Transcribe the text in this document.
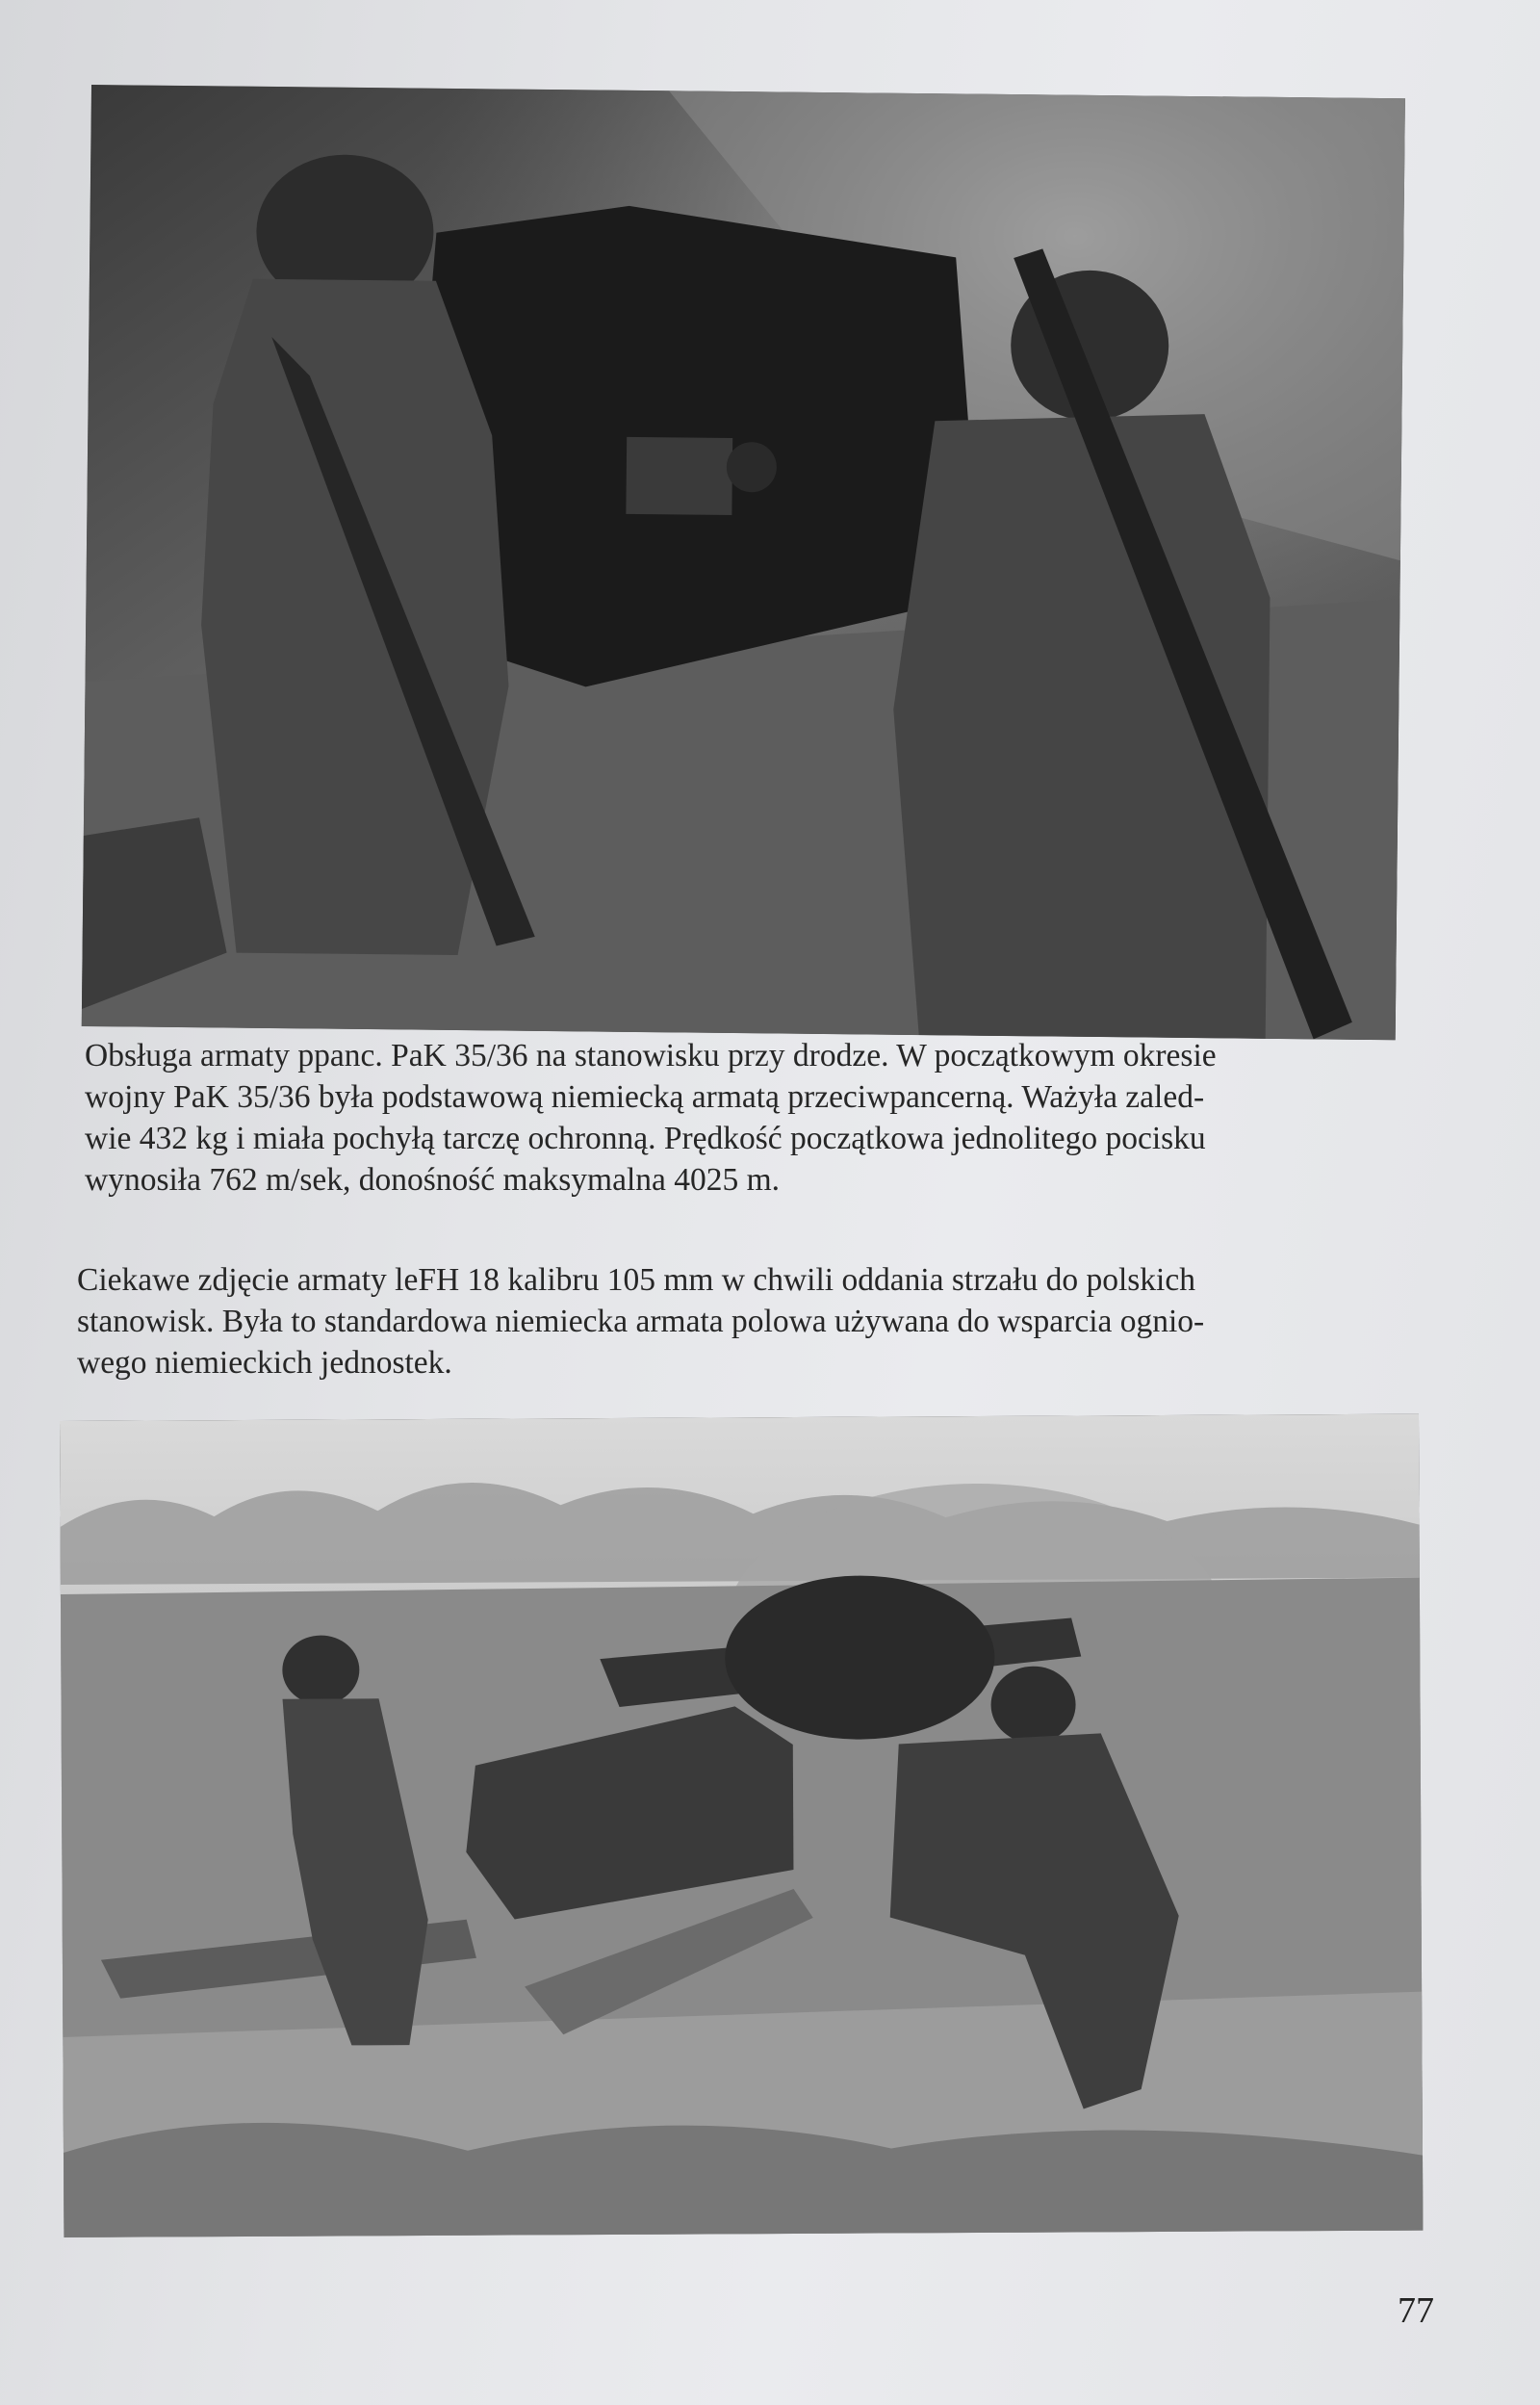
Obsługa armaty ppanc. PaK 35/36 na stanowisku przy drodze. W początkowym okresie
wojny PaK 35/36 była podstawową niemiecką armatą przeciwpancerną. Ważyła zaled-
wie 432 kg i miała pochyłą tarczę ochronną. Prędkość początkowa jednolitego pocisku
wynosiła 762 m/sek, donośność maksymalna 4025 m.
Ciekawe zdjęcie armaty leFH 18 kalibru 105 mm w chwili oddania strzału do polskich
stanowisk. Była to standardowa niemiecka armata polowa używana do wsparcia ognio-
wego niemieckich jednostek.
77
